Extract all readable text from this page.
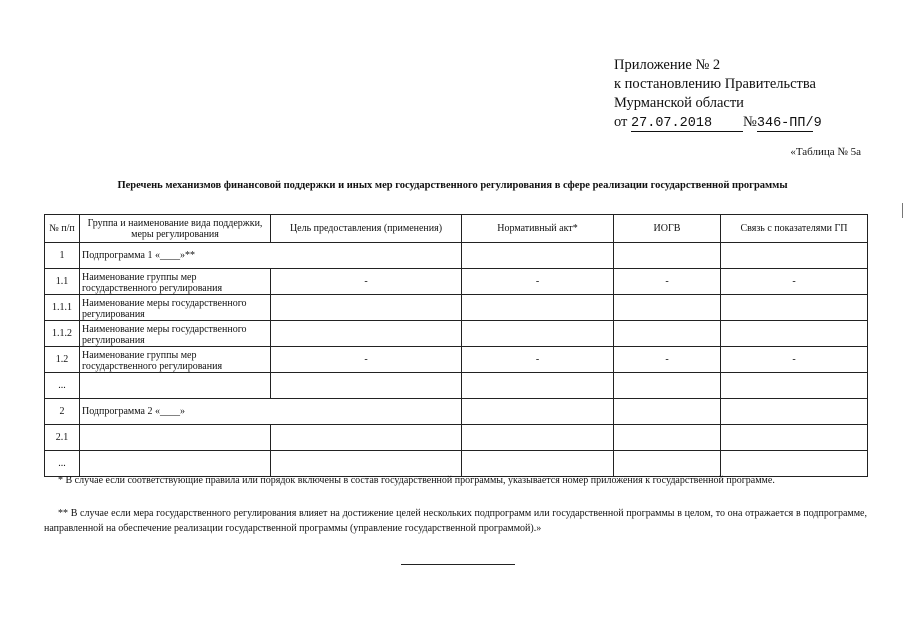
Приложение № 2
к постановлению Правительства
Мурманской области
от 27.07.2018 №346-ПП/9
«Таблица № 5а
Перечень механизмов финансовой поддержки и иных мер государственного регулирования в сфере реализации государственной программы
№ п/п	Группа и наименование вида поддержки, меры регулирования	Цель предоставления (применения)	Нормативный акт*	ИОГВ	Связь с показателями ГП
1	Подпрограмма 1 «____»**				
1.1	Наименование группы мер государственного регулирования	-	-	-	-
1.1.1	Наименование меры государственного регулирования				
1.1.2	Наименование меры государственного регулирования				
1.2	Наименование группы мер государственного регулирования	-	-	-	-
...					
2	Подпрограмма 2 «____»				
2.1					
...					
* В случае если соответствующие правила или порядок включены в состав государственной программы, указывается номер приложения к государственной программе.
** В случае если мера государственного регулирования влияет на достижение целей нескольких подпрограмм или государственной программы в целом, то она отражается в подпрограмме, направленной на обеспечение реализации государственной программы (управление государственной программой).»
